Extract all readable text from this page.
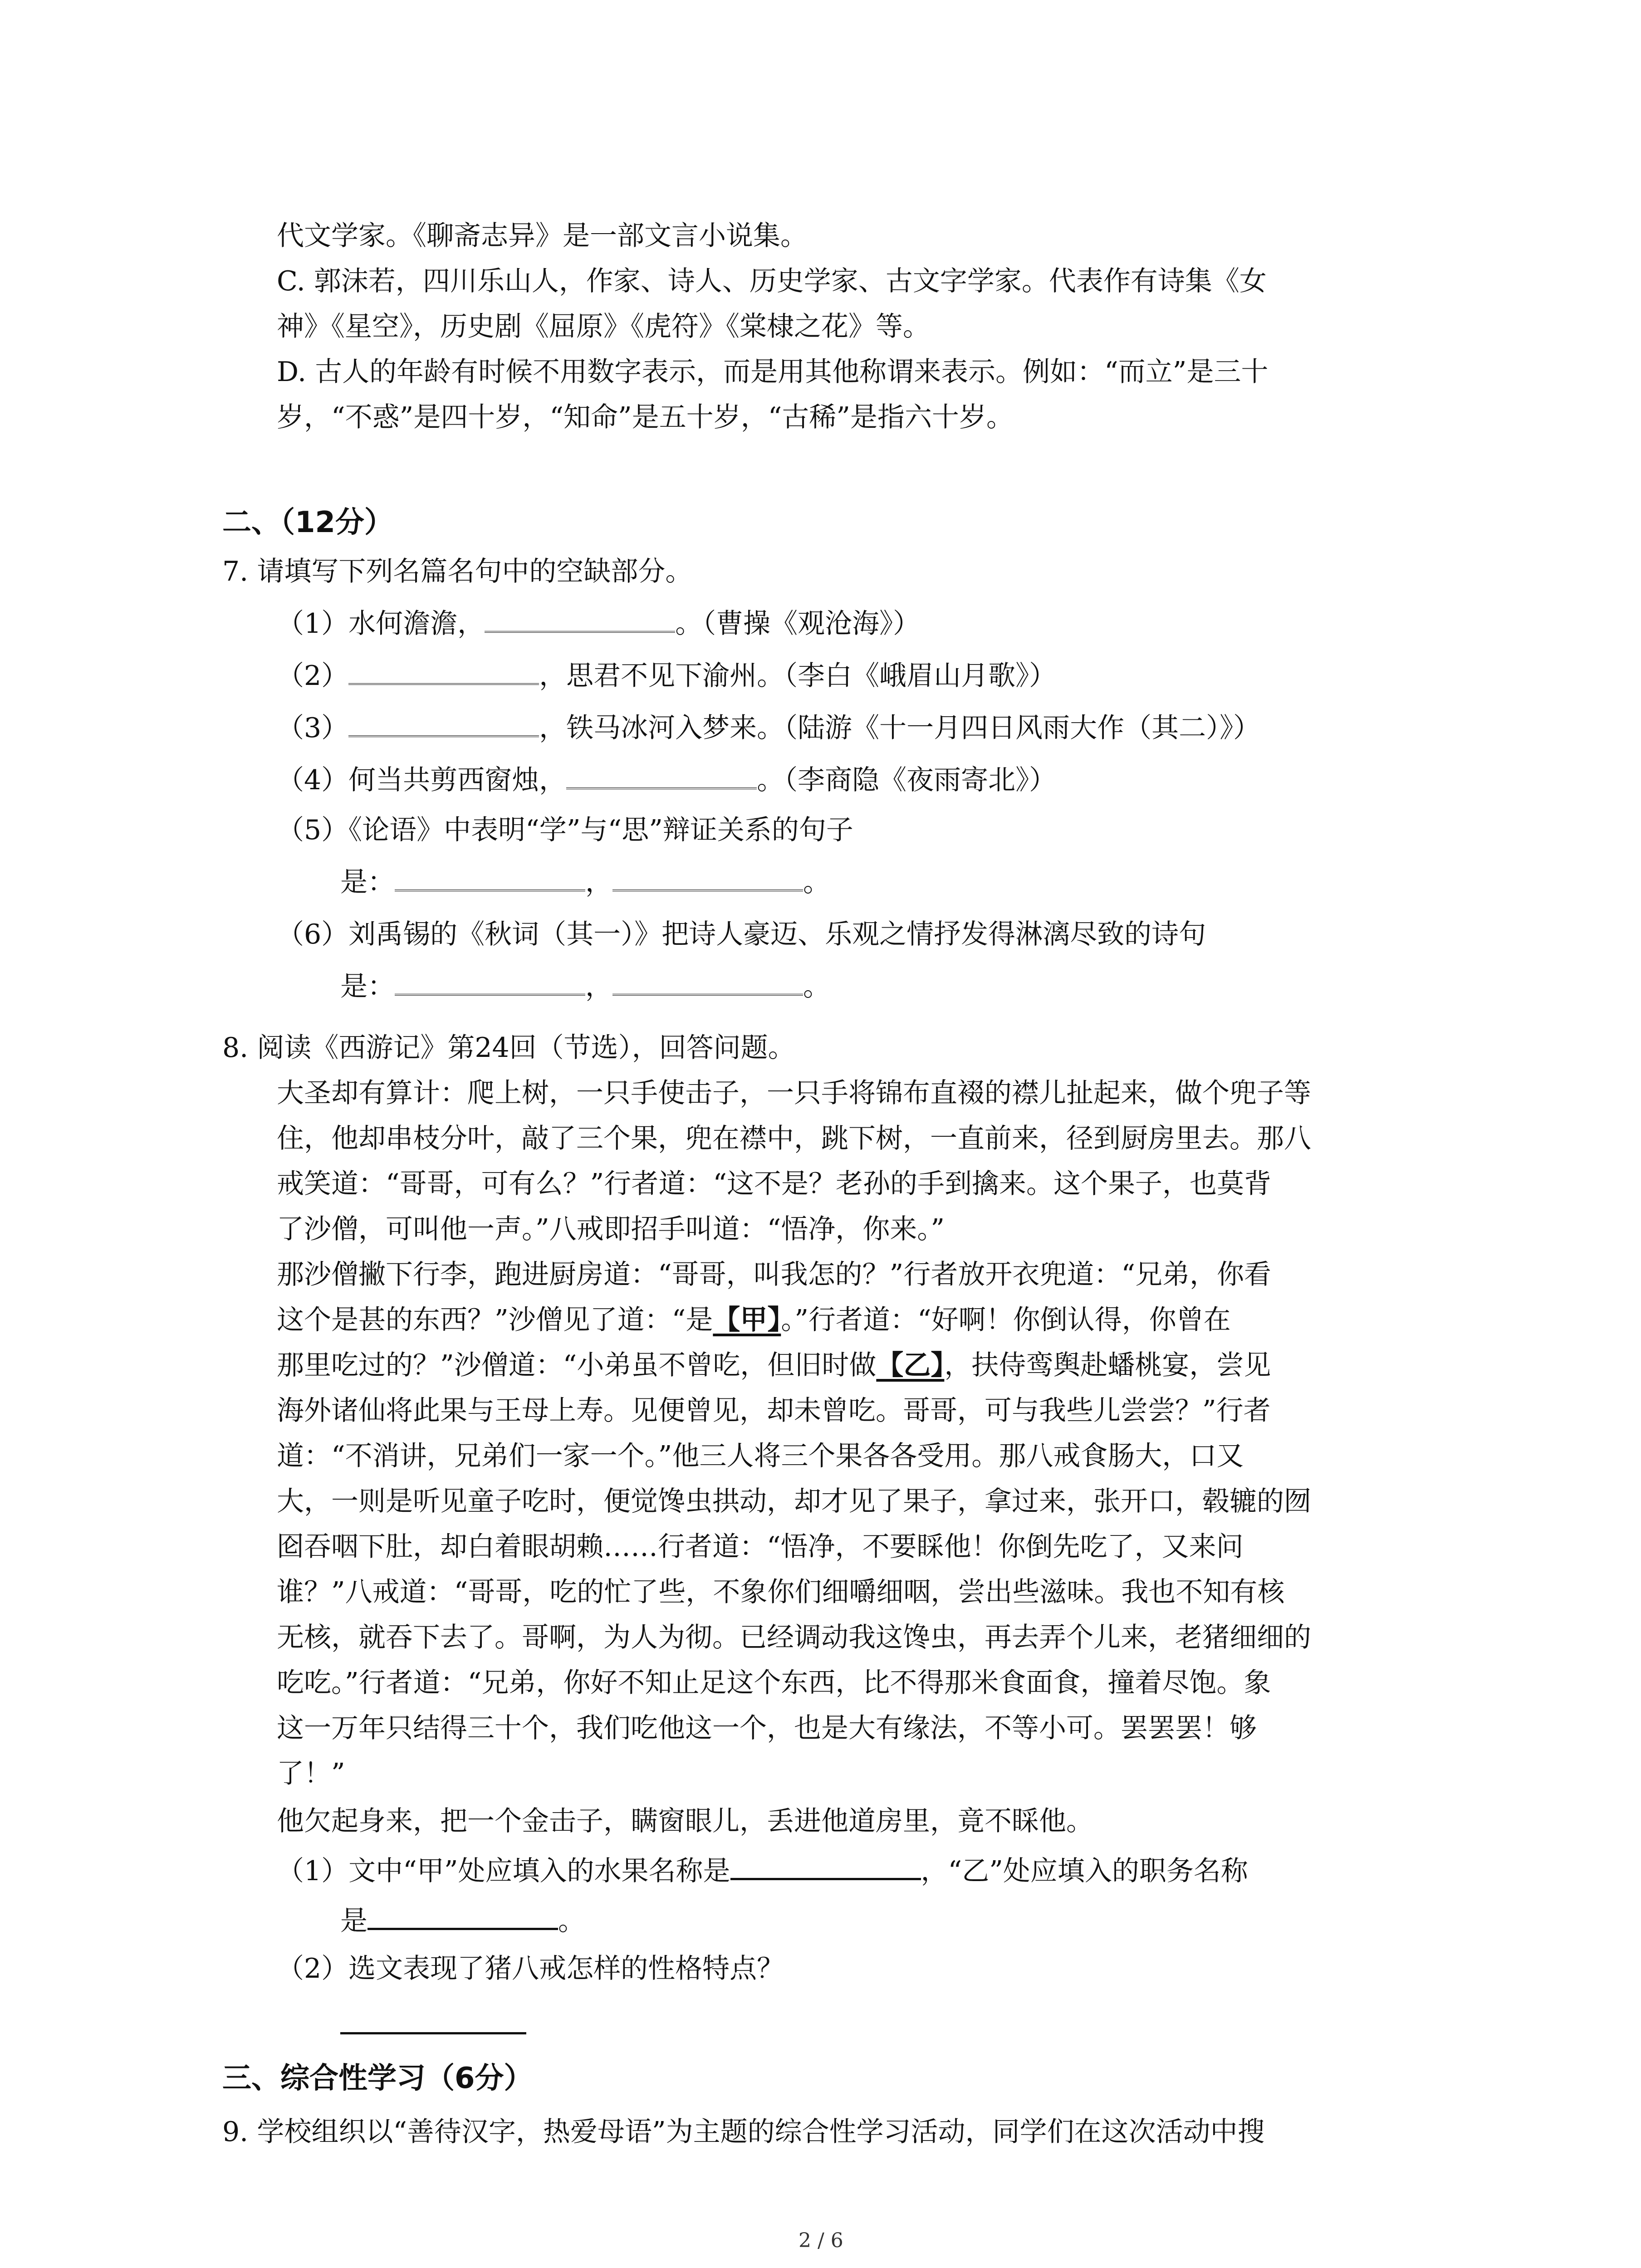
代文学家。《聊斋志异》是一部文言小说集。
C. 郭沫若，四川乐山人，作家、诗人、历史学家、古文字学家。代表作有诗集《女
神》《星空》，历史剧《屈原》《虎符》《棠棣之花》等。
D. 古人的年龄有时候不用数字表示，而是用其他称谓来表示。例如：“而立”是三十
岁，“不惑”是四十岁，“知命”是五十岁，“古稀”是指六十岁。
二、（12分）
7. 请填写下列名篇名句中的空缺部分。
（1）水何澹澹，	。（曹操《观沧海》）
（2）	，思君不见下渝州。（李白《峨眉山月歌》）
（3）	，铁马冰河入梦来。（陆游《十一月四日风雨大作（其二）》）
（4）何当共剪西窗烛，	。（李商隐《夜雨寄北》）
（5）《论语》中表明“学”与“思”辩证关系的句子
是：	，	。
（6）刘禹锡的《秋词（其一）》把诗人豪迈、乐观之情抒发得淋漓尽致的诗句
是：	，	。
8. 阅读《西游记》第24回（节选），回答问题。
大圣却有算计：爬上树，一只手使击子，一只手将锦布直裰的襟儿扯起来，做个兜子等
住，他却串枝分叶，敲了三个果，兜在襟中，跳下树，一直前来，径到厨房里去。那八
戒笑道：“哥哥，可有么？”行者道：“这不是？老孙的手到擒来。这个果子，也莫背
了沙僧，可叫他一声。”八戒即招手叫道：“悟净，你来。”
那沙僧撇下行李，跑进厨房道：“哥哥，叫我怎的？”行者放开衣兜道：“兄弟，你看
这个是甚的东西？”沙僧见了道：“是【甲】。”行者道：“好啊！你倒认得，你曾在
那里吃过的？”沙僧道：“小弟虽不曾吃，但旧时做【乙】，扶侍鸾舆赴蟠桃宴，尝见
海外诸仙将此果与王母上寿。见便曾见，却未曾吃。哥哥，可与我些儿尝尝？”行者
道：“不消讲，兄弟们一家一个。”他三人将三个果各各受用。那八戒食肠大，口又
大，一则是听见童子吃时，便觉馋虫拱动，却才见了果子，拿过来，张开口，毂辘的囫
囵吞咽下肚，却白着眼胡赖……行者道：“悟净，不要睬他！你倒先吃了，又来问
谁？”八戒道：“哥哥，吃的忙了些，不象你们细嚼细咽，尝出些滋味。我也不知有核
无核，就吞下去了。哥啊，为人为彻。已经调动我这馋虫，再去弄个儿来，老猪细细的
吃吃。”行者道：“兄弟，你好不知止足这个东西，比不得那米食面食，撞着尽饱。象
这一万年只结得三十个，我们吃他这一个，也是大有缘法，不等小可。罢罢罢！够
了！”
他欠起身来，把一个金击子，瞒窗眼儿，丢进他道房里，竟不睬他。
（1）文中“甲”处应填入的水果名称是	，“乙”处应填入的职务名称
是	。
（2）选文表现了猪八戒怎样的性格特点？
三、综合性学习（6分）
9. 学校组织以“善待汉字，热爱母语”为主题的综合性学习活动，同学们在这次活动中搜
2 / 6
